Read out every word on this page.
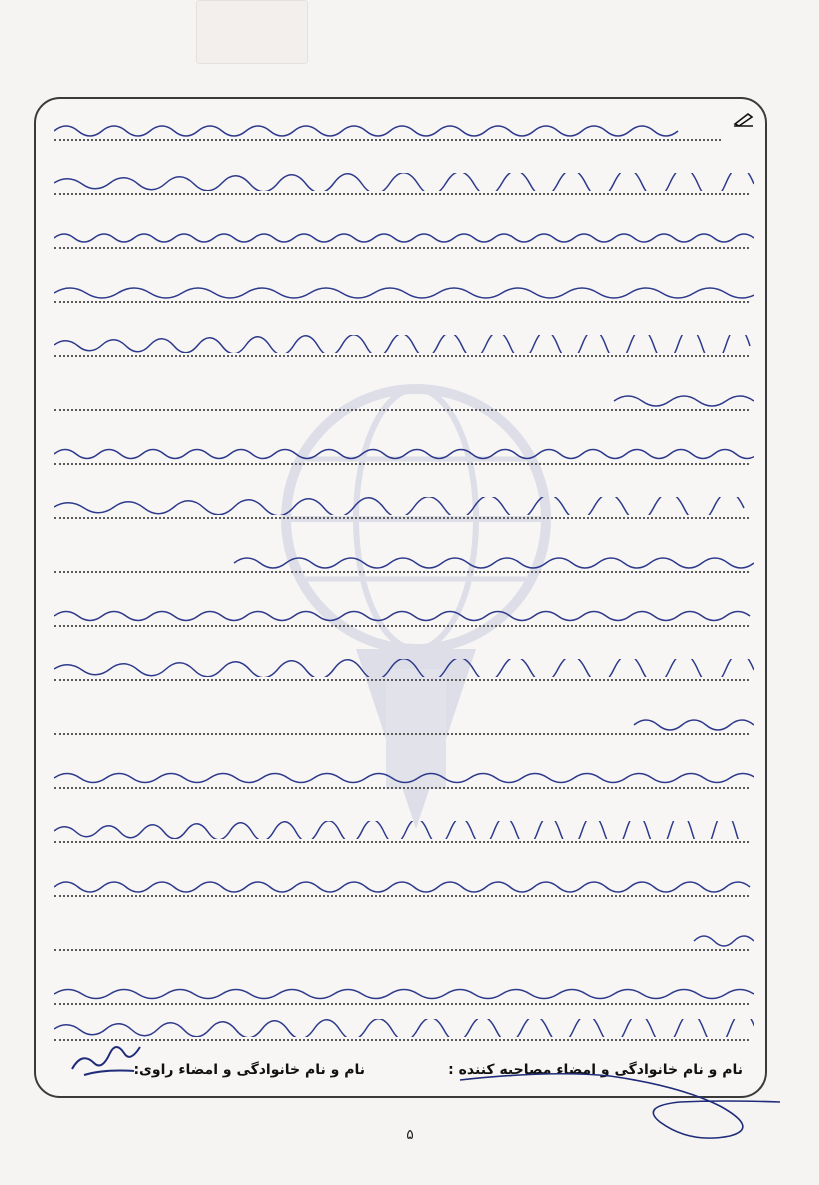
نام و نام خانوادگی و امضاء مصاحبه کننده :
نام و نام خانوادگی و امضاء راوی:
۵
